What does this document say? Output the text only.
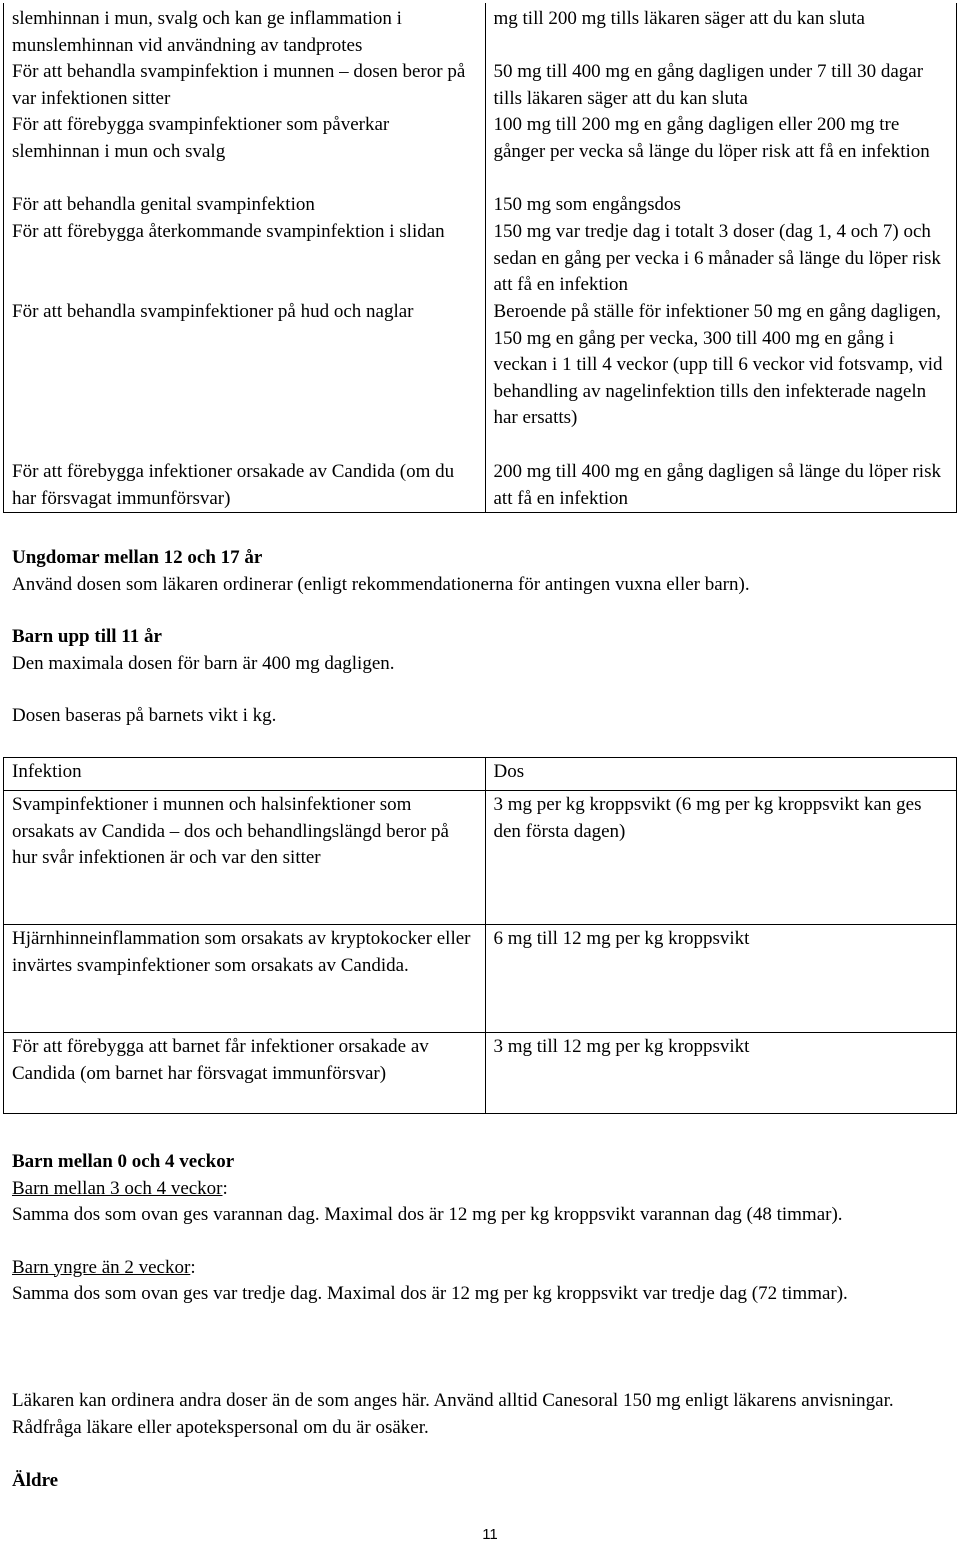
slemhinnan i mun, svalg och kan ge inflammation i munslemhinnan vid användning av tandprotes	mg till 200 mg tills läkaren säger att du kan sluta
För att behandla svampinfektion i munnen – dosen beror på var infektionen sitter	50 mg till 400 mg en gång dagligen under 7 till 30 dagar tills läkaren säger att du kan sluta
För att förebygga svampinfektioner som påverkar slemhinnan i mun och svalg	100 mg till 200 mg en gång dagligen eller 200 mg tre gånger per vecka så länge du löper risk att få en infektion
För att behandla genital svampinfektion	150 mg som engångsdos
För att förebygga återkommande svampinfektion i slidan	150 mg var tredje dag i totalt 3 doser (dag 1, 4 och 7) och sedan en gång per vecka i 6 månader så länge du löper risk att få en infektion
För att behandla svampinfektioner på hud och naglar	Beroende på ställe för infektioner 50 mg en gång dagligen, 150 mg en gång per vecka, 300 till 400 mg en gång i veckan i 1 till 4 veckor (upp till 6 veckor vid fotsvamp, vid behandling av nagelinfektion tills den infekterade nageln har ersatts)
För att förebygga infektioner orsakade av Candida (om du har försvagat immunförsvar)	200 mg till 400 mg en gång dagligen så länge du löper risk att få en infektion

Ungdomar mellan 12 och 17 år

Använd dosen som läkaren ordinerar (enligt rekommendationerna för antingen vuxna eller barn).

Barn upp till 11 år

Den maximala dosen för barn är 400 mg dagligen.

Dosen baseras på barnets vikt i kg.

Infektion	Dos
Svampinfektioner i munnen och halsinfektioner som orsakats av Candida – dos och behandlingslängd beror på hur svår infektionen är och var den sitter	3 mg per kg kroppsvikt (6 mg per kg kroppsvikt kan ges den första dagen)
Hjärnhinneinflammation som orsakats av kryptokocker eller invärtes svampinfektioner som orsakats av Candida.	6 mg till 12 mg per kg kroppsvikt
För att förebygga att barnet får infektioner orsakade av Candida (om barnet har försvagat immunförsvar)	3 mg till 12 mg per kg kroppsvikt

Barn mellan 0 och 4 veckor

Barn mellan 3 och 4 veckor:

Samma dos som ovan ges varannan dag. Maximal dos är 12 mg per kg kroppsvikt varannan dag (48 timmar).

Barn yngre än 2 veckor:

Samma dos som ovan ges var tredje dag. Maximal dos är 12 mg per kg kroppsvikt var tredje dag (72 timmar).

Läkaren kan ordinera andra doser än de som anges här. Använd alltid Canesoral 150 mg enligt läkarens anvisningar. Rådfråga läkare eller apotekspersonal om du är osäker.

Äldre

11
